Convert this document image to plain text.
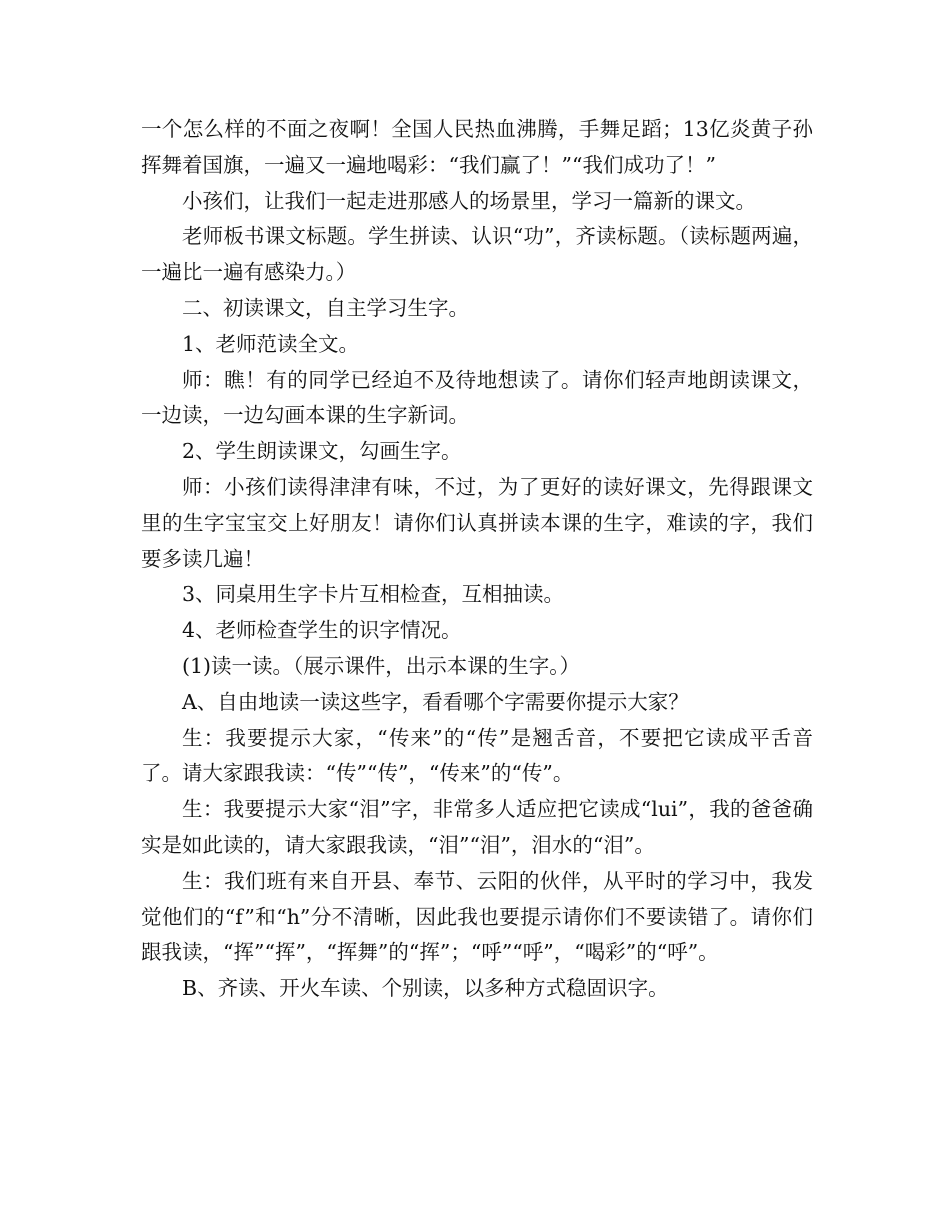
一个怎么样的不面之夜啊！全国人民热血沸腾，手舞足蹈；13亿炎黄子孙挥舞着国旗，一遍又一遍地喝彩：“我们赢了！”“我们成功了！”

小孩们，让我们一起走进那感人的场景里，学习一篇新的课文。

老师板书课文标题。学生拼读、认识“功”，齐读标题。（读标题两遍，一遍比一遍有感染力。）

二、初读课文，自主学习生字。

1、老师范读全文。

师：瞧！有的同学已经迫不及待地想读了。请你们轻声地朗读课文，一边读，一边勾画本课的生字新词。

2、学生朗读课文，勾画生字。

师：小孩们读得津津有味，不过，为了更好的读好课文，先得跟课文里的生字宝宝交上好朋友！请你们认真拼读本课的生字，难读的字，我们要多读几遍！

3、同桌用生字卡片互相检查，互相抽读。

4、老师检查学生的识字情况。

(1)读一读。（展示课件，出示本课的生字。）

A、自由地读一读这些字，看看哪个字需要你提示大家？

生：我要提示大家，“传来”的“传”是翘舌音，不要把它读成平舌音了。请大家跟我读：“传”“传”，“传来”的“传”。

生：我要提示大家“泪”字，非常多人适应把它读成“lui”，我的爸爸确实是如此读的，请大家跟我读，“泪”“泪”，泪水的“泪”。

生：我们班有来自开县、奉节、云阳的伙伴，从平时的学习中，我发觉他们的“f”和“h”分不清晰，因此我也要提示请你们不要读错了。请你们跟我读，“挥”“挥”，“挥舞”的“挥”；“呼”“呼”，“喝彩”的“呼”。

B、齐读、开火车读、个别读，以多种方式稳固识字。
